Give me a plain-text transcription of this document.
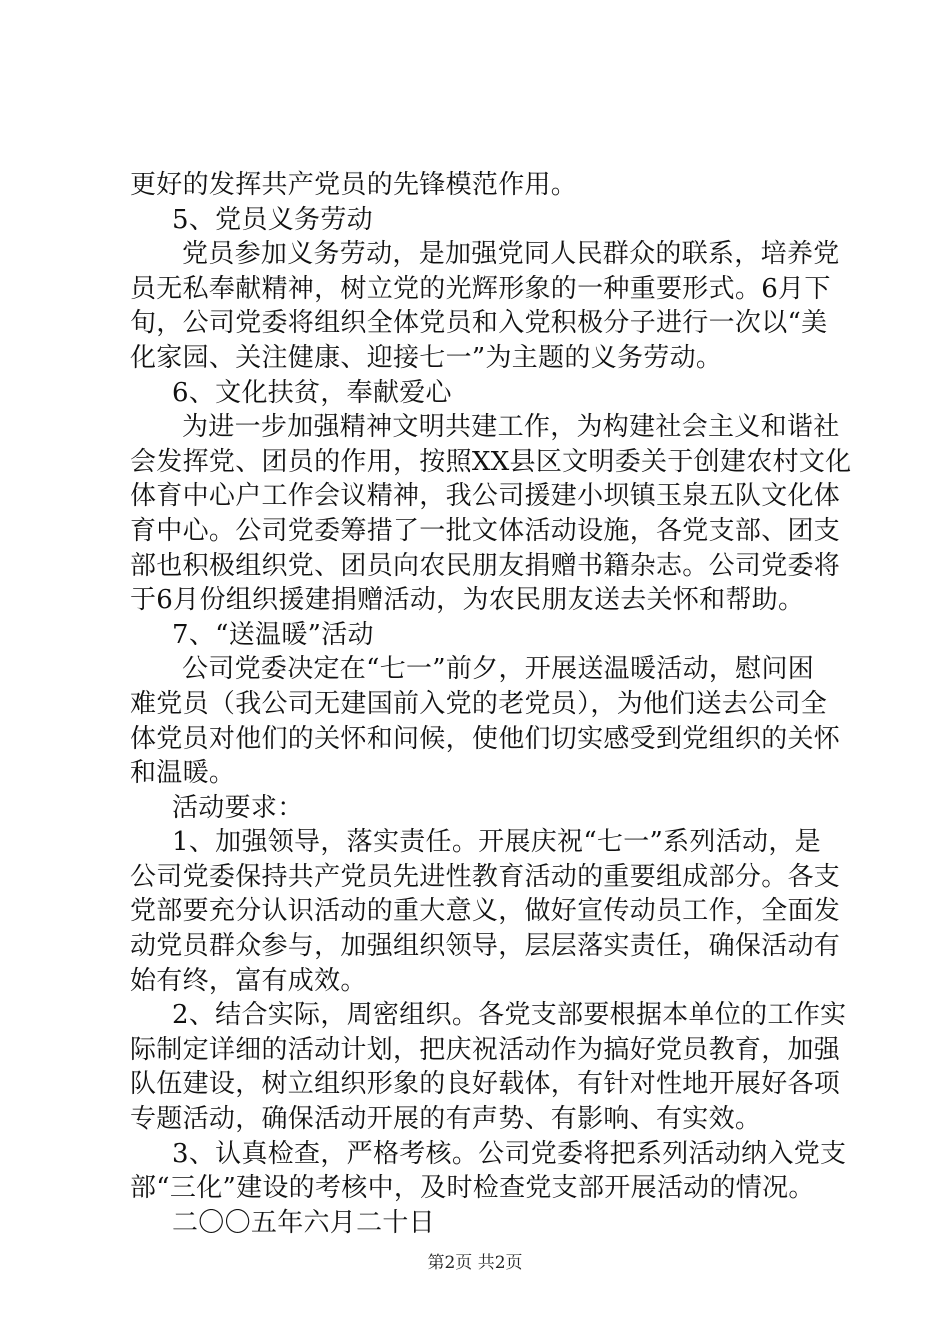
更好的发挥共产党员的先锋模范作用。
5、党员义务劳动
党员参加义务劳动，是加强党同人民群众的联系，培养党
员无私奉献精神，树立党的光辉形象的一种重要形式。6月下
旬，公司党委将组织全体党员和入党积极分子进行一次以“美
化家园、关注健康、迎接七一”为主题的义务劳动。
6、文化扶贫，奉献爱心
为进一步加强精神文明共建工作，为构建社会主义和谐社
会发挥党、团员的作用，按照XX县区文明委关于创建农村文化
体育中心户工作会议精神，我公司援建小坝镇玉泉五队文化体
育中心。公司党委筹措了一批文体活动设施，各党支部、团支
部也积极组织党、团员向农民朋友捐赠书籍杂志。公司党委将
于6月份组织援建捐赠活动，为农民朋友送去关怀和帮助。
7、“送温暖”活动
公司党委决定在“七一”前夕，开展送温暖活动，慰问困
难党员（我公司无建国前入党的老党员），为他们送去公司全
体党员对他们的关怀和问候，使他们切实感受到党组织的关怀
和温暖。
活动要求：
1、加强领导，落实责任。开展庆祝“七一”系列活动，是
公司党委保持共产党员先进性教育活动的重要组成部分。各支
党部要充分认识活动的重大意义，做好宣传动员工作，全面发
动党员群众参与，加强组织领导，层层落实责任，确保活动有
始有终，富有成效。
2、结合实际，周密组织。各党支部要根据本单位的工作实
际制定详细的活动计划，把庆祝活动作为搞好党员教育，加强
队伍建设，树立组织形象的良好载体，有针对性地开展好各项
专题活动，确保活动开展的有声势、有影响、有实效。
3、认真检查，严格考核。公司党委将把系列活动纳入党支
部“三化”建设的考核中，及时检查党支部开展活动的情况。
二〇〇五年六月二十日
第2页 共2页
